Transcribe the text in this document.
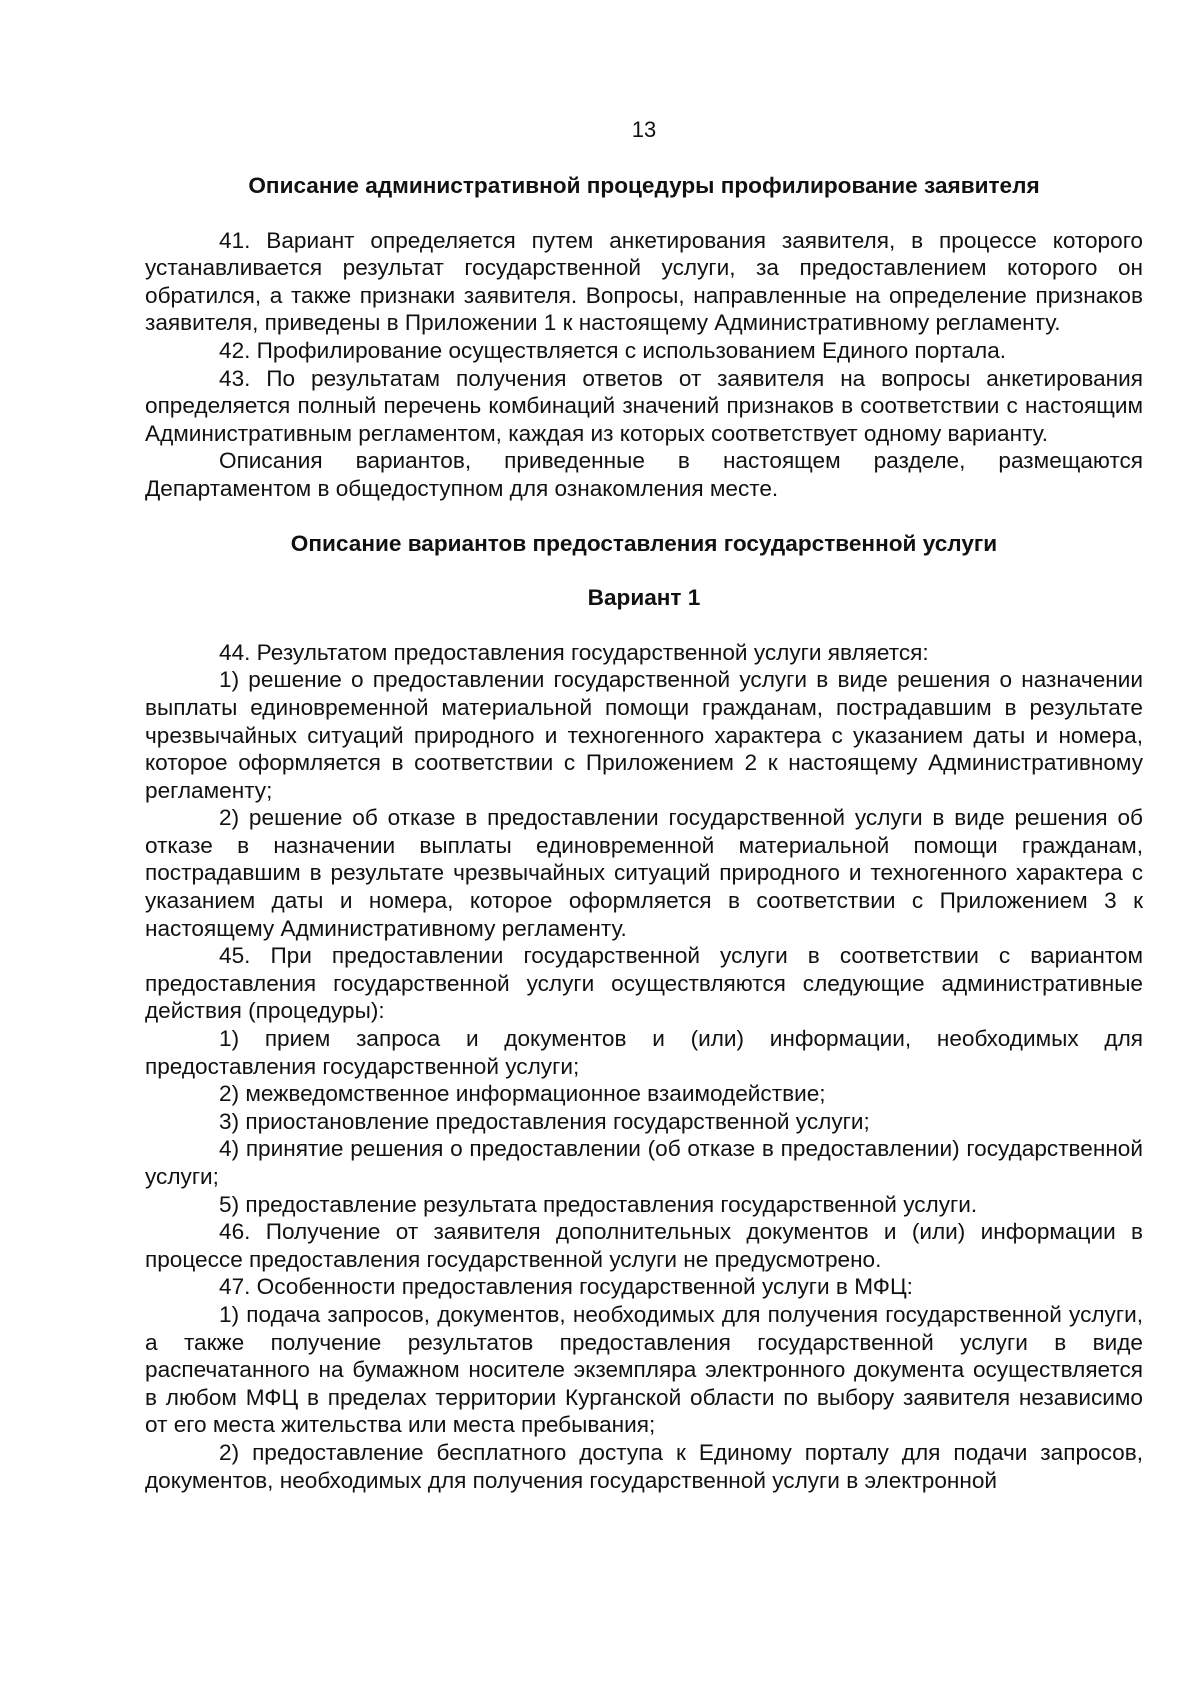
13

Описание административной процедуры профилирование заявителя

41. Вариант определяется путем анкетирования заявителя, в процессе которого устанавливается результат государственной услуги, за предоставлением которого он обратился, а также признаки заявителя. Вопросы, направленные на определение признаков заявителя, приведены в Приложении 1 к настоящему Административному регламенту.

42. Профилирование осуществляется с использованием Единого портала.

43. По результатам получения ответов от заявителя на вопросы анкетирования определяется полный перечень комбинаций значений признаков в соответствии с настоящим Административным регламентом, каждая из которых соответствует одному варианту.

Описания вариантов, приведенные в настоящем разделе, размещаются Департаментом в общедоступном для ознакомления месте.

Описание вариантов предоставления государственной услуги

Вариант 1

44. Результатом предоставления государственной услуги является:

1) решение о предоставлении государственной услуги в виде решения о назначении выплаты единовременной материальной помощи гражданам, пострадавшим в результате чрезвычайных ситуаций природного и техногенного характера с указанием даты и номера, которое оформляется в соответствии с Приложением 2 к настоящему Административному регламенту;

2) решение об отказе в предоставлении государственной услуги в виде решения об отказе в назначении выплаты единовременной материальной помощи гражданам, пострадавшим в результате чрезвычайных ситуаций природного и техногенного характера с указанием даты и номера, которое оформляется в соответствии с Приложением 3 к настоящему Административному регламенту.

45. При предоставлении государственной услуги в соответствии с вариантом предоставления государственной услуги осуществляются следующие административные действия (процедуры):

1) прием запроса и документов и (или) информации, необходимых для предоставления государственной услуги;

2) межведомственное информационное взаимодействие;

3) приостановление предоставления государственной услуги;

4) принятие решения о предоставлении (об отказе в предоставлении) государственной услуги;

5) предоставление результата предоставления государственной услуги.

46. Получение от заявителя дополнительных документов и (или) информации в процессе предоставления государственной услуги не предусмотрено.

47. Особенности предоставления государственной услуги в МФЦ:

1) подача запросов, документов, необходимых для получения государственной услуги, а также получение результатов предоставления государственной услуги в виде распечатанного на бумажном носителе экземпляра электронного документа осуществляется в любом МФЦ в пределах территории Курганской области по выбору заявителя независимо от его места жительства или места пребывания;

2) предоставление бесплатного доступа к Единому порталу для подачи запросов, документов, необходимых для получения государственной услуги в электронной
